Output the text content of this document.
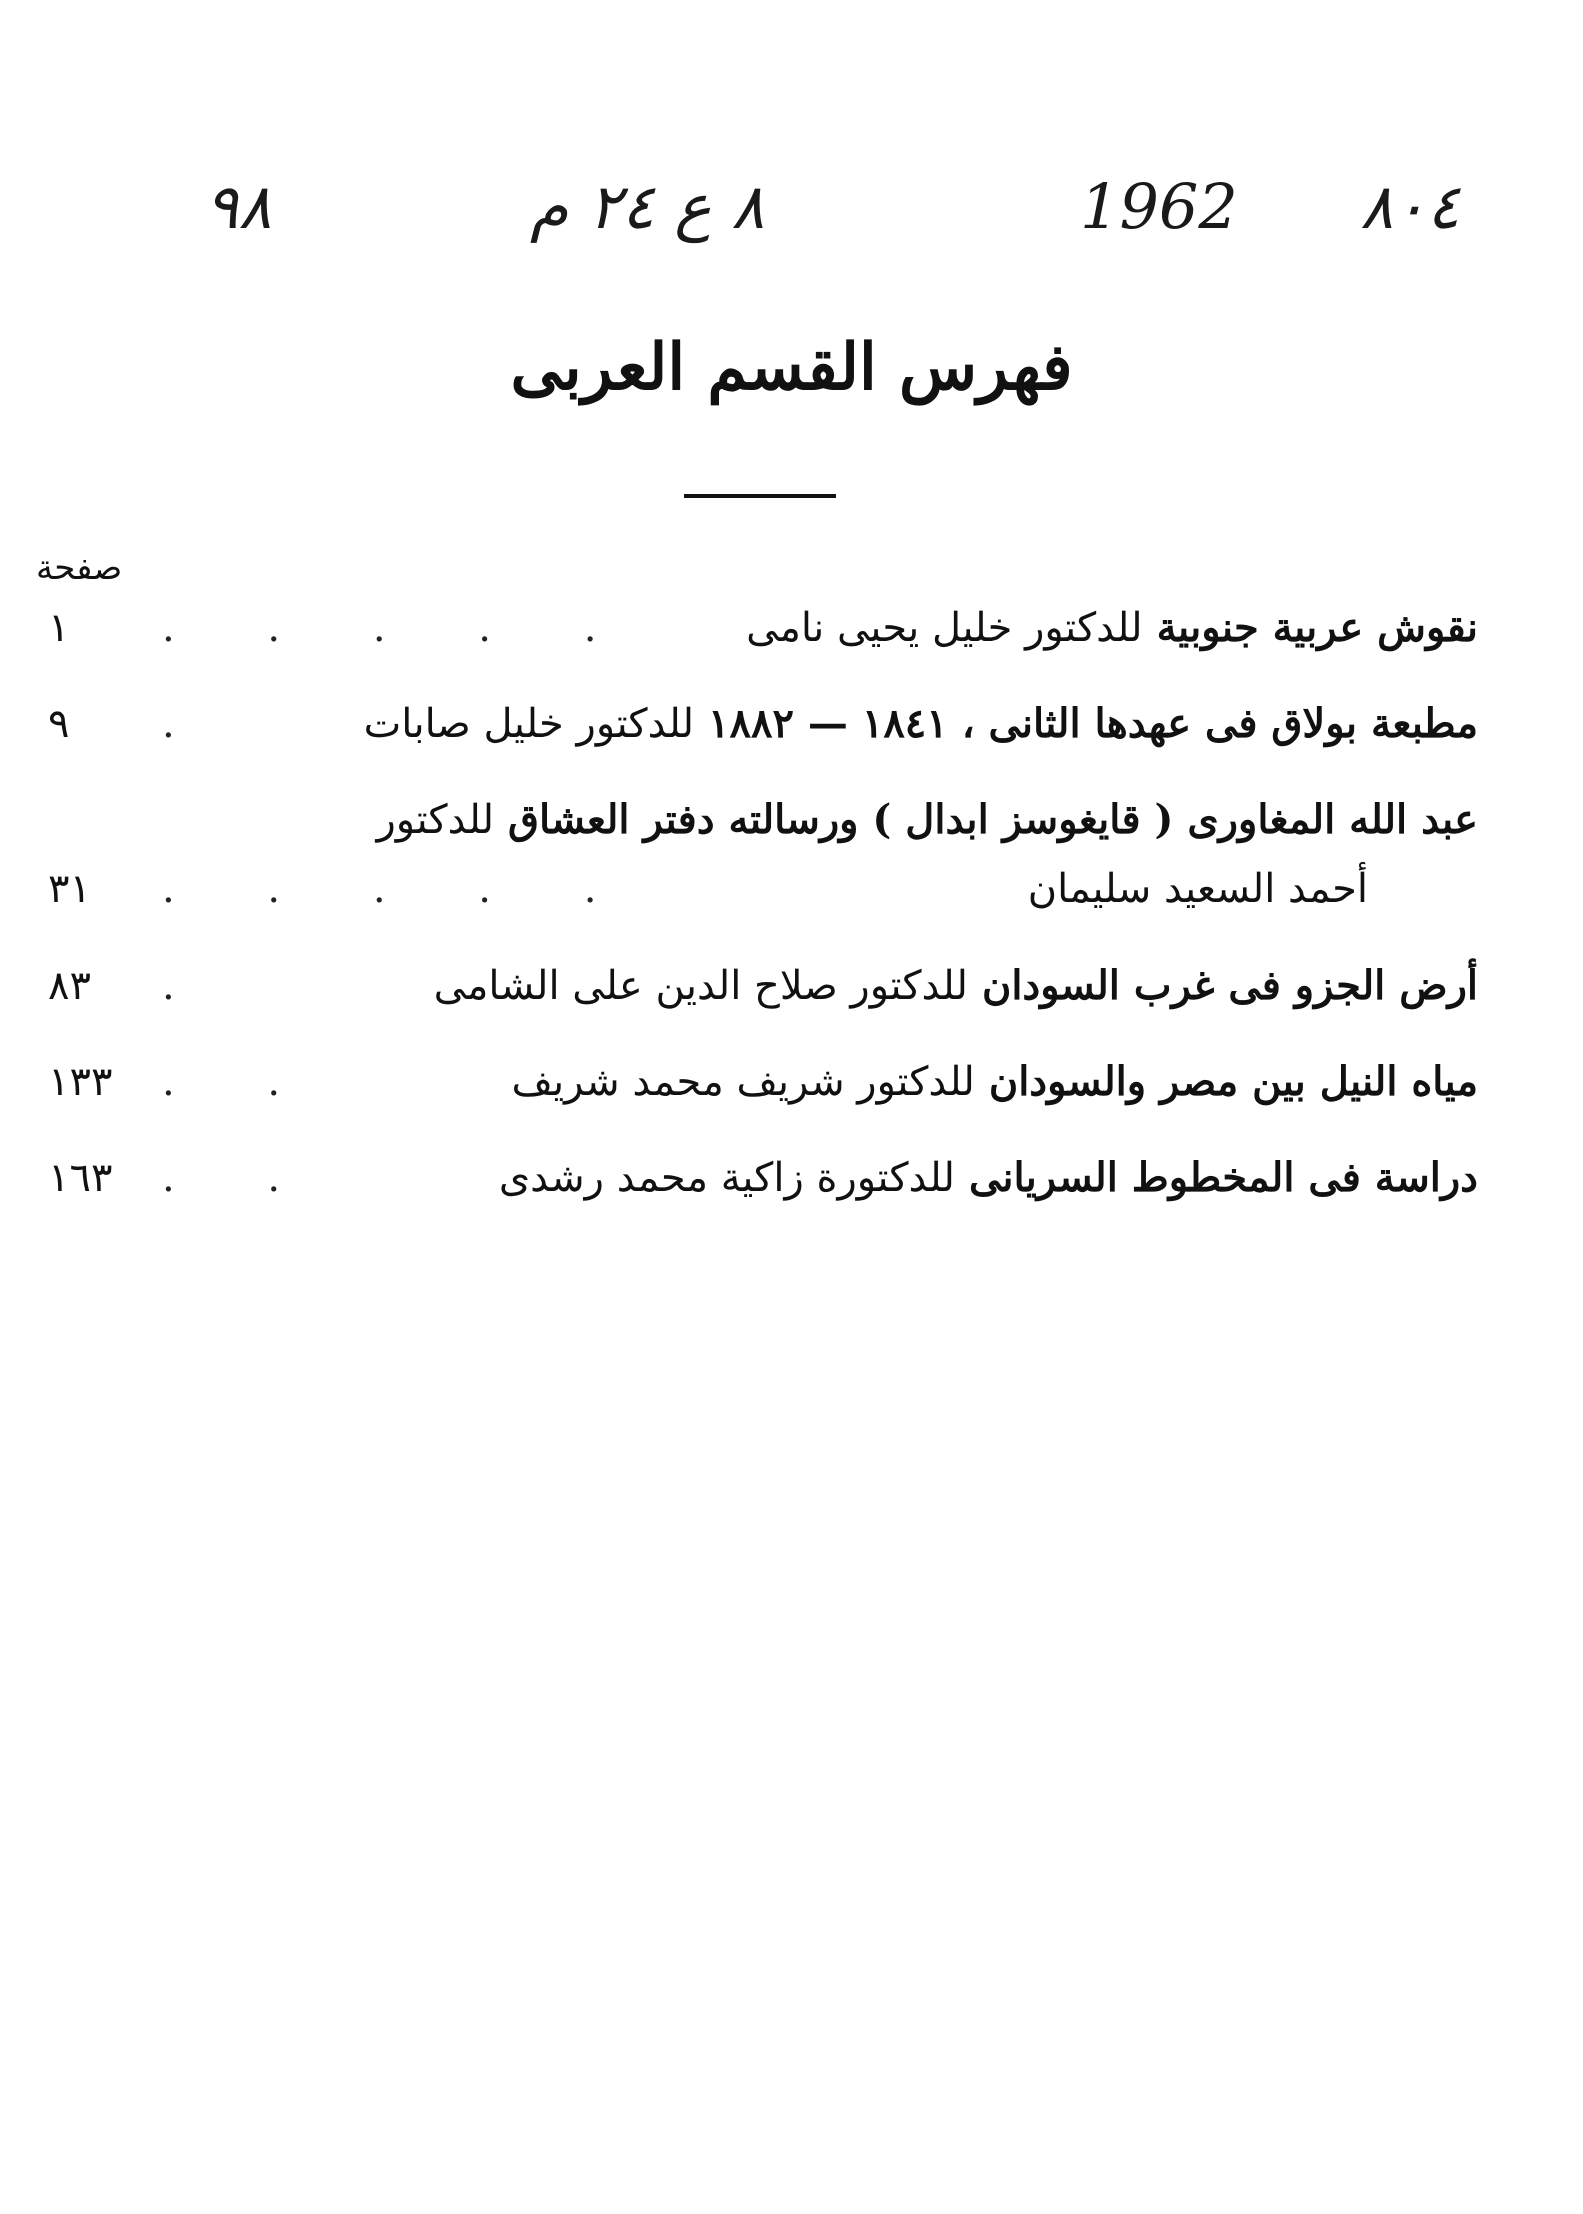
٩٨	٨ ع ٢٤ م	1962 ٨٠٤
فهرس القسم العربى
صفحة
نقوش عربية جنوبية
للدكتور خليل يحيى نامى
. . . . .
١
مطبعة بولاق فى عهدها الثانى ، ١٨٤١ — ١٨٨٢
للدكتور خليل صابات
.
٩
عبد الله المغاورى ( قايغوسز ابدال ) ورسالته دفتر العشاق
للدكتور
أحمد السعيد سليمان
. . . . .
٣١
أرض الجزو فى غرب السودان
للدكتور صلاح الدين على الشامى
.
٨٣
مياه النيل بين مصر والسودان
للدكتور شريف محمد شريف
. .
١٣٣
دراسة فى المخطوط السريانى
للدكتورة زاكية محمد رشدى
. .
١٦٣
